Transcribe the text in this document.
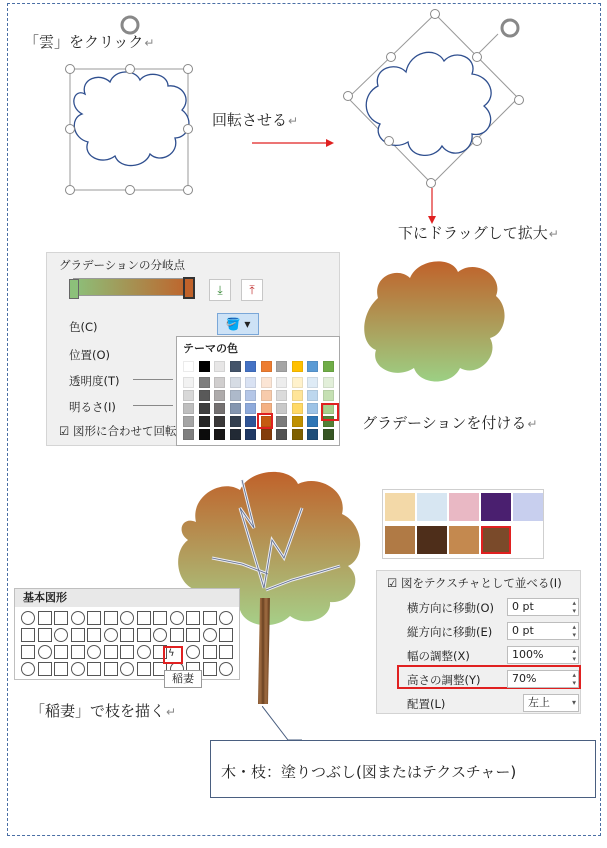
「雲」をクリック↵
回転させる↵
下にドラッグして拡大↵
グラデーションの分岐点
⤓	⤒
色(C)	🪣 ▾
位置(O)
透明度(T)
明るさ(I)
☑ 図形に合わせて回転
テーマの色
グラデーションを付ける↵
☑ 図をテクスチャとして並べる(I)
横方向に移動(O)	0 pt	▴
▾
縦方向に移動(E)	0 pt	▴
▾
幅の調整(X)	100%	▴
▾
高さの調整(Y)	70%	▴
▾
配置(L)	左上	▾
基本図形
ϟ
稲妻
「稲妻」で枝を描く↵
木・枝：塗りつぶし(図またはテクスチャー)
